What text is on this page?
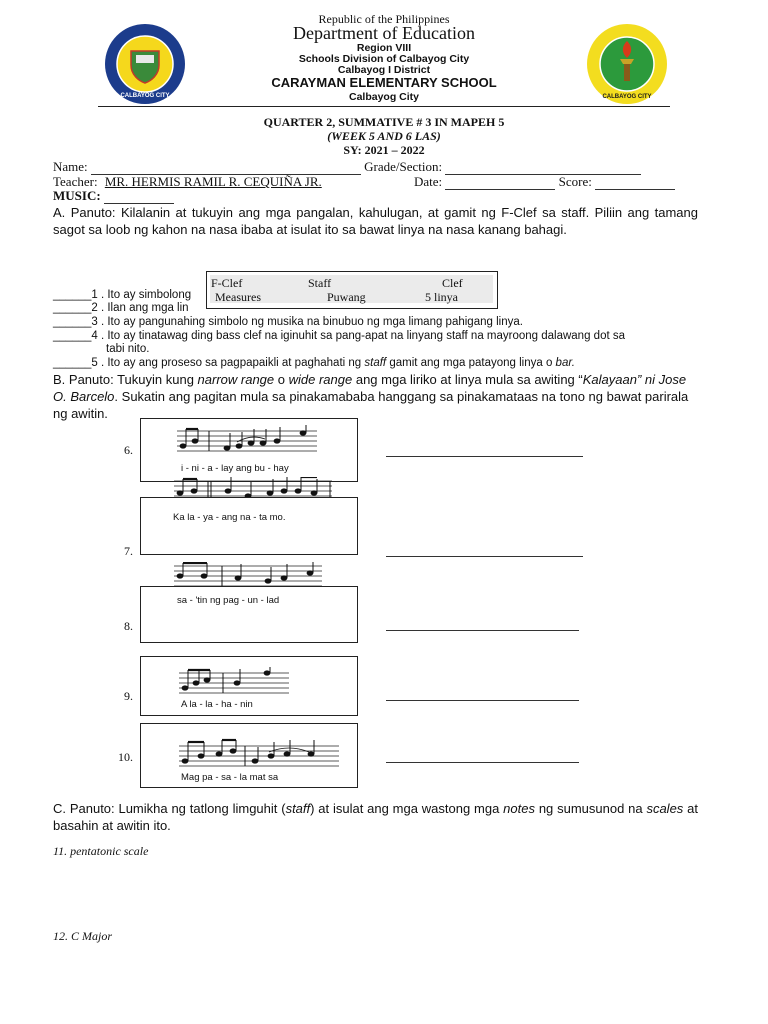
CALBAYOG CITY	CALBAYOG CITY
Republic of the Philippines
Department of Education
Region VIII
Schools Division of Calbayog City
Calbayog I District
CARAYMAN ELEMENTARY SCHOOL
Calbayog City
QUARTER 2, SUMMATIVE # 3 IN MAPEH 5
(WEEK 5 AND 6 LAS)
SY: 2021 – 2022
Name:	Grade/Section:
Teacher: MR. HERMIS RAMIL R. CEQUIÑA JR.	Date:	Score:
MUSIC:
A. Panuto: Kilalanin at tukuyin ang mga pangalan, kahulugan, at gamit ng F-Clef sa staff. Piliin ang tamang sagot sa loob ng kahon na nasa ibaba at isulat ito sa bawat linya na nasa kanang bahagi.
______1 . Ito ay simbolong
______2 . Ilan ang mga lin
______3 . Ito ay pangunahing simbolo ng musika na binubuo ng mga limang pahigang linya.
______4 . Ito ay tinatawag ding bass clef na iginuhit sa pang-apat na linyang staff na mayroong dalawang dot sa
tabi nito.
______5 . Ito ay ang proseso sa pagpapaikli at paghahati ng staff gamit ang mga patayong linya o bar.
F-Clef	Staff	Clef
Measures	Puwang	5 linya
B. Panuto: Tukuyin kung narrow range o wide range ang mga liriko at linya mula sa awiting “Kalayaan” ni Jose O. Barcelo. Sukatin ang pagitan mula sa pinakamababa hanggang sa pinakamataas na tono ng bawat parirala ng awitin.
6.
i - ni - a - lay ang bu - hay
7.
Ka la - ya - ang na - ta mo.
8.
sa - 'tin ng pag - un - lad
9.
A la - la - ha - nin
10.
Mag pa - sa - la mat sa
C. Panuto: Lumikha ng tatlong limguhit (staff) at isulat ang mga wastong mga notes ng sumusunod na scales at basahin at awitin ito.
11. pentatonic scale
12. C Major
